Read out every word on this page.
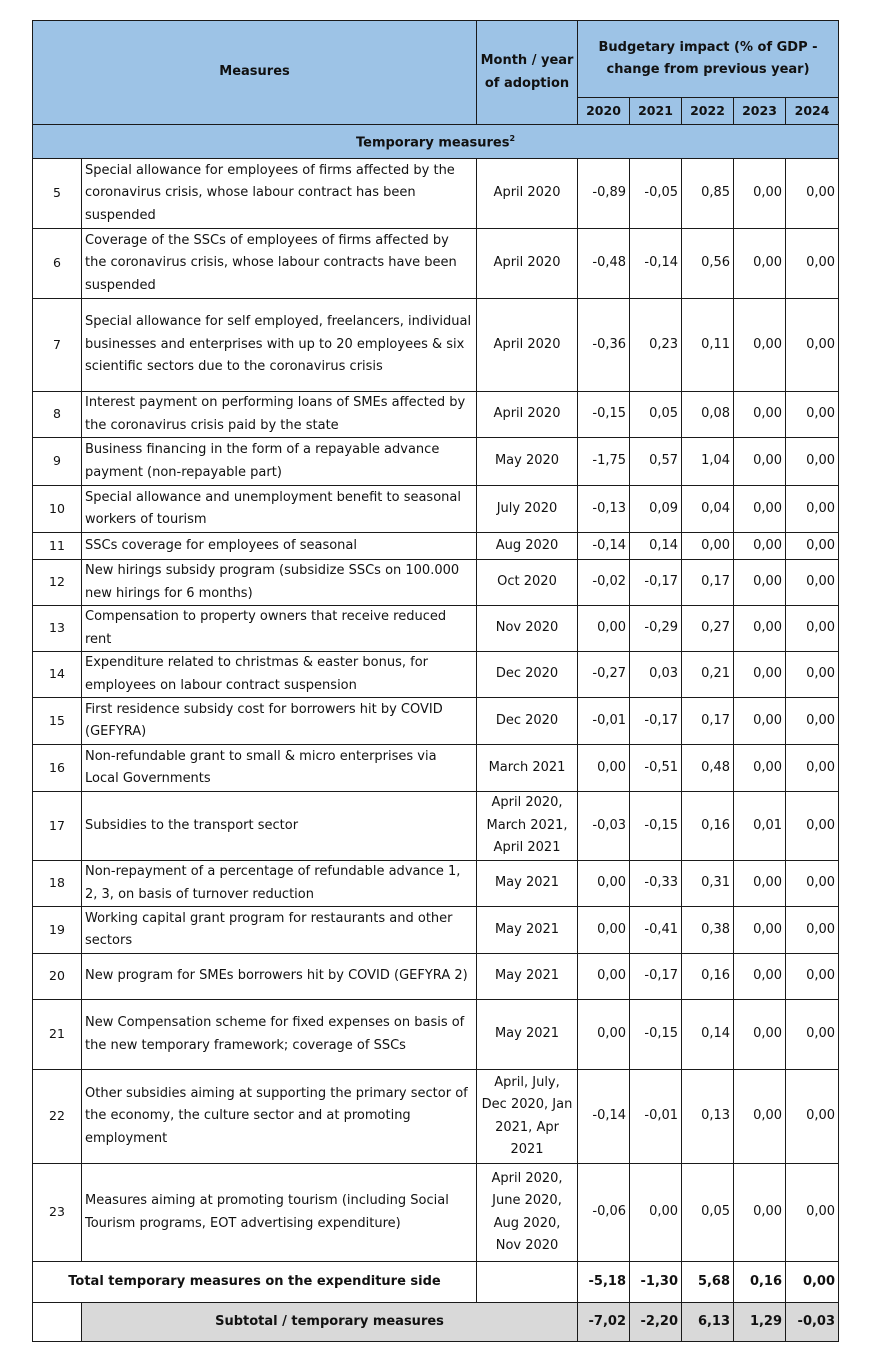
Measures		Month / year of adoption	Budgetary impact (% of GDP - change from previous year)				
			2020	2021	2022	2023	2024
Temporary measures$^2$
5	Special allowance for employees of firms affected by the coronavirus crisis, whose labour contract has been suspended	April 2020	-0,89	-0,05	0,85	0,00	0,00
6	Coverage of the SSCs of employees of firms affected by the coronavirus crisis, whose labour contracts have been suspended	April 2020	-0,48	-0,14	0,56	0,00	0,00
7	Special allowance for self employed, freelancers, individual businesses and enterprises with up to 20 employees & six scientific sectors due to the coronavirus crisis	April 2020	-0,36	0,23	0,11	0,00	0,00
8	Interest payment on performing loans of SMEs affected by the coronavirus crisis paid by the state	April 2020	-0,15	0,05	0,08	0,00	0,00
9	Business financing in the form of a repayable advance payment (non-repayable part)	May 2020	-1,75	0,57	1,04	0,00	0,00
10	Special allowance and unemployment benefit to seasonal workers of tourism	July 2020	-0,13	0,09	0,04	0,00	0,00
11	SSCs coverage for employees of seasonal	Aug 2020	-0,14	0,14	0,00	0,00	0,00
12	New hirings subsidy program (subsidize SSCs on 100.000 new hirings for 6 months)	Oct 2020	-0,02	-0,17	0,17	0,00	0,00
13	Compensation to property owners that receive reduced rent	Nov 2020	0,00	-0,29	0,27	0,00	0,00
14	Expenditure related to christmas & easter bonus, for employees on labour contract suspension	Dec 2020	-0,27	0,03	0,21	0,00	0,00
15	First residence subsidy cost for borrowers hit by COVID (GEFYRA)	Dec 2020	-0,01	-0,17	0,17	0,00	0,00
16	Non-refundable grant to small & micro enterprises via Local Governments	March 2021	0,00	-0,51	0,48	0,00	0,00
17	Subsidies to the transport sector	April 2020, March 2021, April 2021	-0,03	-0,15	0,16	0,01	0,00
18	Non-repayment of a percentage of refundable advance 1, 2, 3, on basis of turnover reduction	May 2021	0,00	-0,33	0,31	0,00	0,00
19	Working capital grant program for restaurants and other sectors	May 2021	0,00	-0,41	0,38	0,00	0,00
20	New program for SMEs borrowers hit by COVID (GEFYRA 2)	May 2021	0,00	-0,17	0,16	0,00	0,00
21	New Compensation scheme for fixed expenses on basis of the new temporary framework; coverage of SSCs	May 2021	0,00	-0,15	0,14	0,00	0,00
22	Other subsidies aiming at supporting the primary sector of the economy, the culture sector and at promoting employment	April, July, Dec 2020, Jan 2021, Apr 2021	-0,14	-0,01	0,13	0,00	0,00
23	Measures aiming at promoting tourism (including Social Tourism programs, EOT advertising expenditure)	April 2020, June 2020, Aug 2020, Nov 2020	-0,06	0,00	0,05	0,00	0,00
Total temporary measures on the expenditure side			-5,18	-1,30	5,68	0,16	0,00
	Subtotal / temporary measures		-7,02	-2,20	6,13	1,29	-0,03
